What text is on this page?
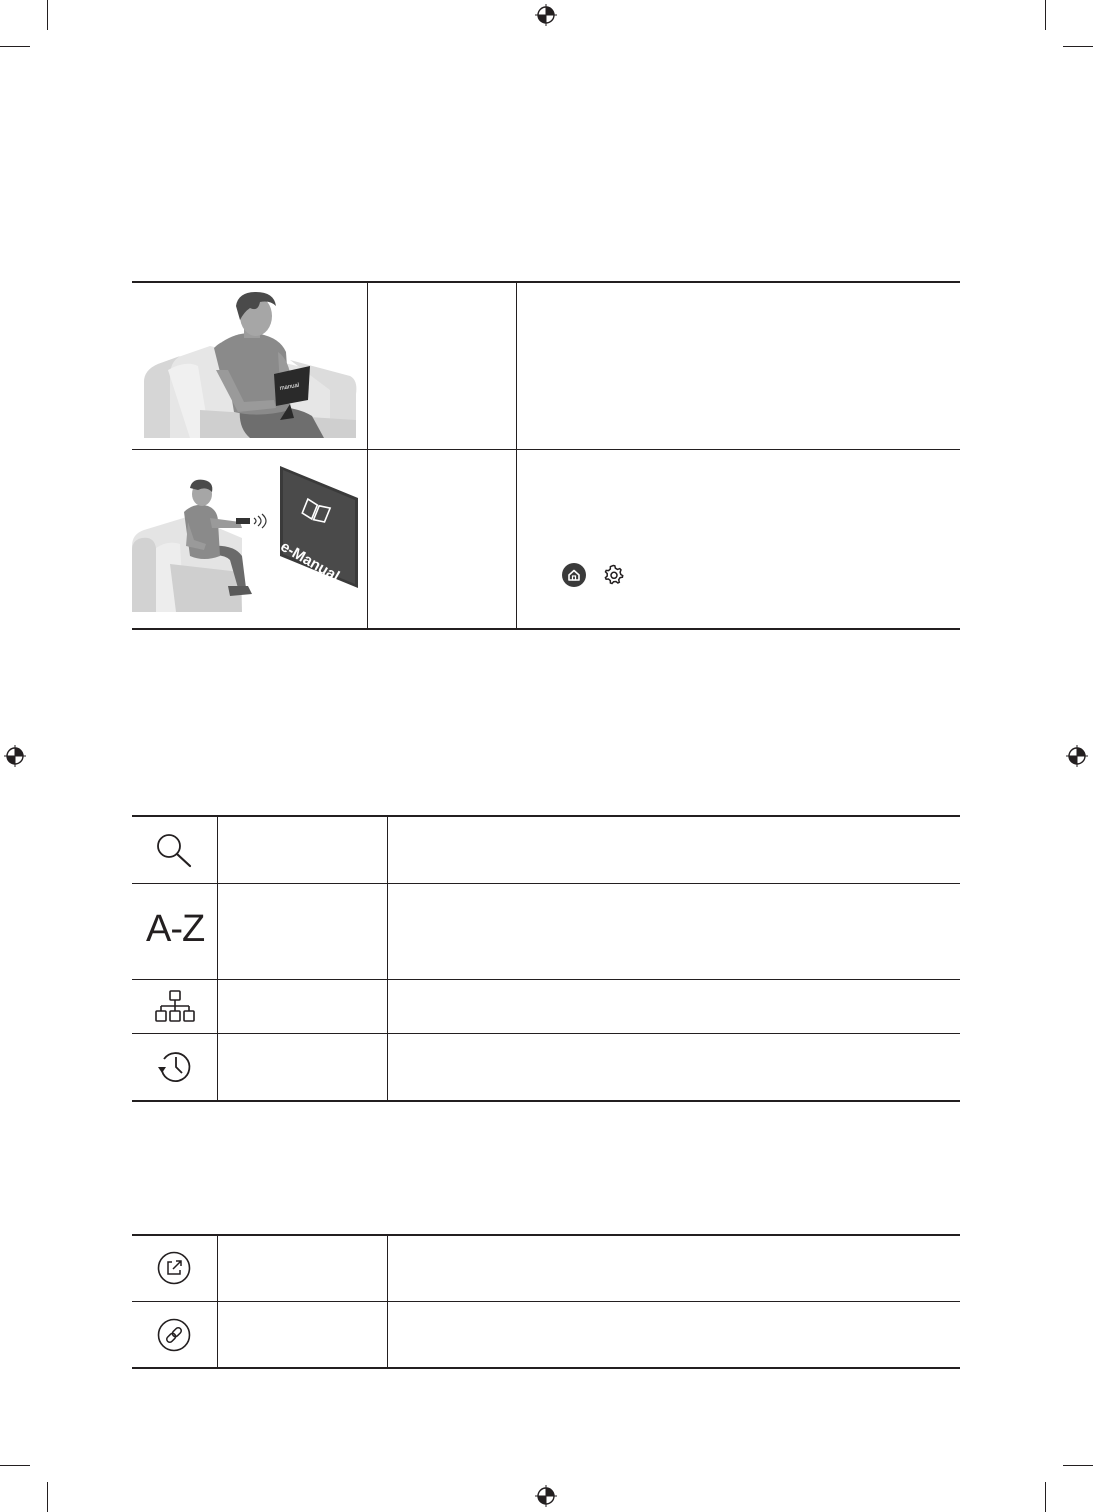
manual
e-Manual
A-Z
